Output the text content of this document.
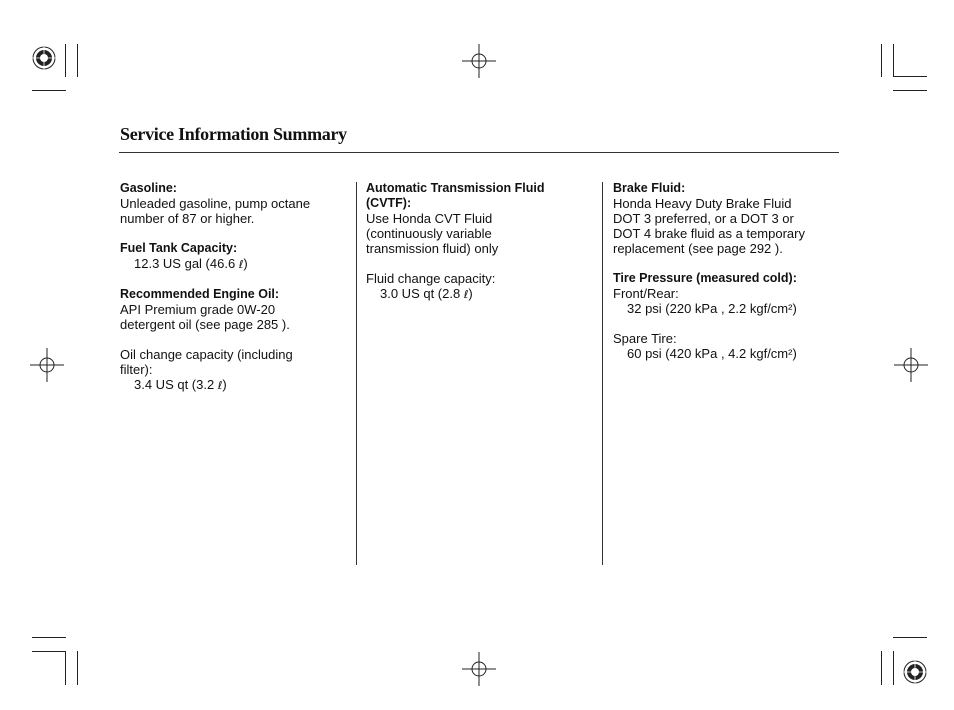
Service Information Summary

Gasoline:

Unleaded gasoline, pump octane

number of 87 or higher.

Fuel Tank Capacity:

12.3 US gal (46.6 ℓ)

Recommended Engine Oil:

API Premium grade 0W-20

detergent oil (see page 285 ).

Oil change capacity (including

filter):

3.4 US qt (3.2 ℓ)

Automatic Transmission Fluid

(CVTF):

Use Honda CVT Fluid

(continuously variable

transmission fluid) only

Fluid change capacity:

3.0 US qt (2.8 ℓ)

Brake Fluid:

Honda Heavy Duty Brake Fluid

DOT 3 preferred, or a DOT 3 or

DOT 4 brake fluid as a temporary

replacement (see page 292 ).

Tire Pressure (measured cold):

Front/Rear:

32 psi (220 kPa , 2.2 kgf/cm²)

Spare Tire:

60 psi (420 kPa , 4.2 kgf/cm²)
